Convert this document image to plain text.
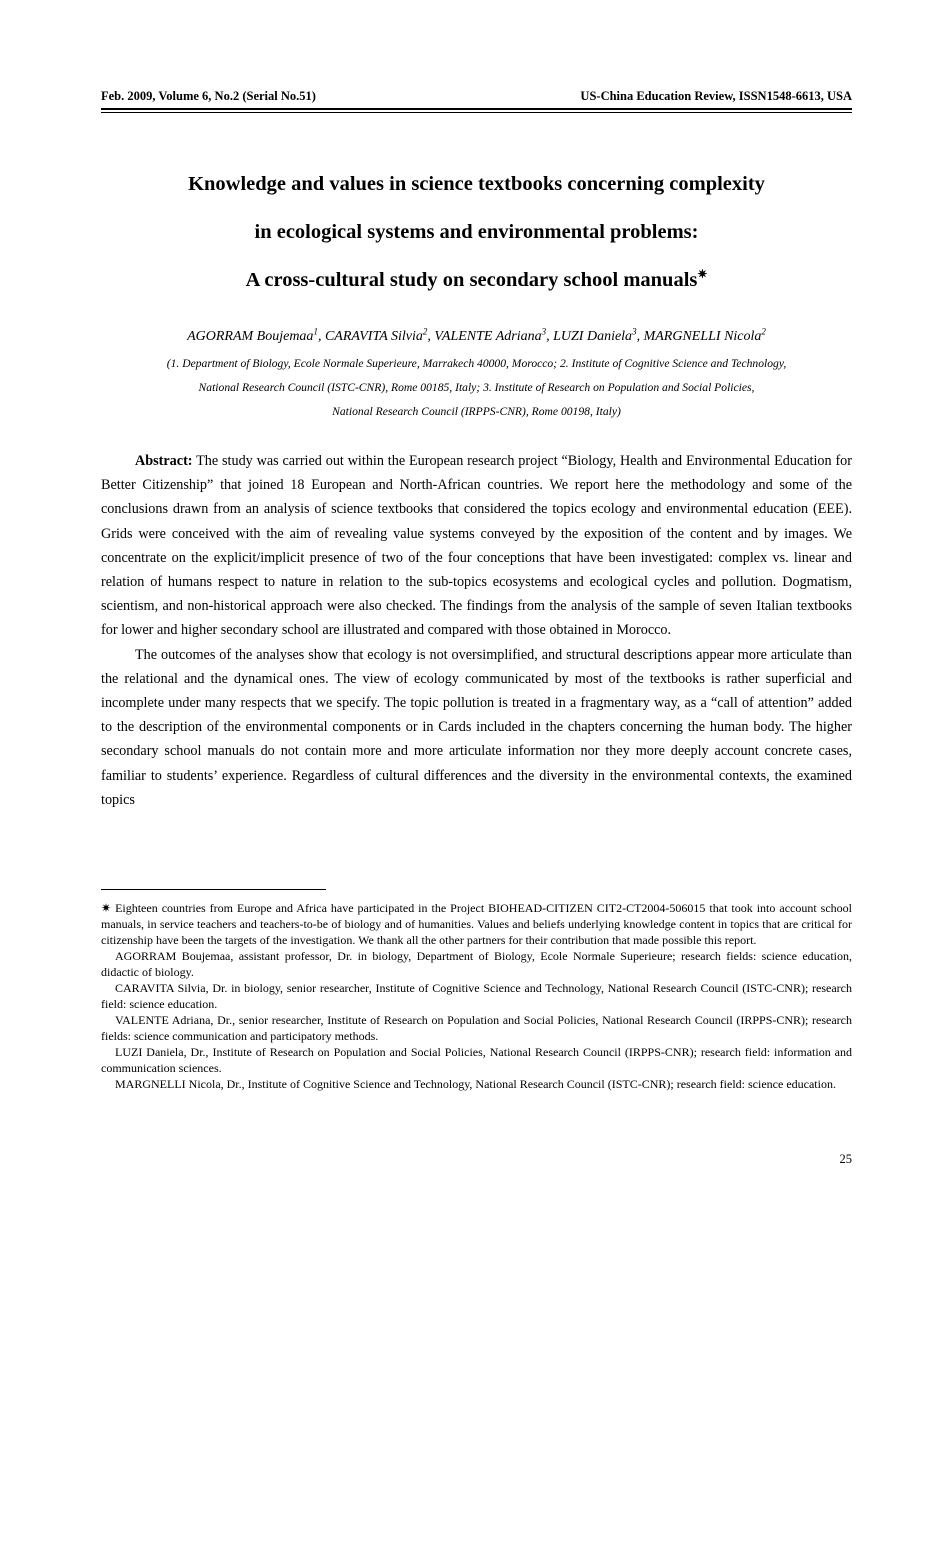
Feb. 2009, Volume 6, No.2 (Serial No.51)	US-China Education Review, ISSN1548-6613, USA
Knowledge and values in science textbooks concerning complexity
in ecological systems and environmental problems:
A cross-cultural study on secondary school manuals✷
AGORRAM Boujemaa$^1$, CARAVITA Silvia$^2$, VALENTE Adriana$^3$, LUZI Daniela$^3$, MARGNELLI Nicola$^2$
(1. Department of Biology, Ecole Normale Superieure, Marrakech 40000, Morocco; 2. Institute of Cognitive Science and Technology,
National Research Council (ISTC-CNR), Rome 00185, Italy; 3. Institute of Research on Population and Social Policies,
National Research Council (IRPPS-CNR), Rome 00198, Italy)

Abstract: The study was carried out within the European research project “Biology, Health and Environmental Education for Better Citizenship” that joined 18 European and North-African countries. We report here the methodology and some of the conclusions drawn from an analysis of science textbooks that considered the topics ecology and environmental education (EEE). Grids were conceived with the aim of revealing value systems conveyed by the exposition of the content and by images. We concentrate on the explicit/implicit presence of two of the four conceptions that have been investigated: complex vs. linear and relation of humans respect to nature in relation to the sub-topics ecosystems and ecological cycles and pollution. Dogmatism, scientism, and non-historical approach were also checked. The findings from the analysis of the sample of seven Italian textbooks for lower and higher secondary school are illustrated and compared with those obtained in Morocco.

The outcomes of the analyses show that ecology is not oversimplified, and structural descriptions appear more articulate than the relational and the dynamical ones. The view of ecology communicated by most of the textbooks is rather superficial and incomplete under many respects that we specify. The topic pollution is treated in a fragmentary way, as a “call of attention” added to the description of the environmental components or in Cards included in the chapters concerning the human body. The higher secondary school manuals do not contain more and more articulate information nor they more deeply account concrete cases, familiar to students’ experience. Regardless of cultural differences and the diversity in the environmental contexts, the examined topics

✷ Eighteen countries from Europe and Africa have participated in the Project BIOHEAD-CITIZEN CIT2-CT2004-506015 that took into account school manuals, in service teachers and teachers-to-be of biology and of humanities. Values and beliefs underlying knowledge content in topics that are critical for citizenship have been the targets of the investigation. We thank all the other partners for their contribution that made possible this report.

AGORRAM Boujemaa, assistant professor, Dr. in biology, Department of Biology, Ecole Normale Superieure; research fields: science education, didactic of biology.

CARAVITA Silvia, Dr. in biology, senior researcher, Institute of Cognitive Science and Technology, National Research Council (ISTC-CNR); research field: science education.

VALENTE Adriana, Dr., senior researcher, Institute of Research on Population and Social Policies, National Research Council (IRPPS-CNR); research fields: science communication and participatory methods.

LUZI Daniela, Dr., Institute of Research on Population and Social Policies, National Research Council (IRPPS-CNR); research field: information and communication sciences.

MARGNELLI Nicola, Dr., Institute of Cognitive Science and Technology, National Research Council (ISTC-CNR); research field: science education.

25
